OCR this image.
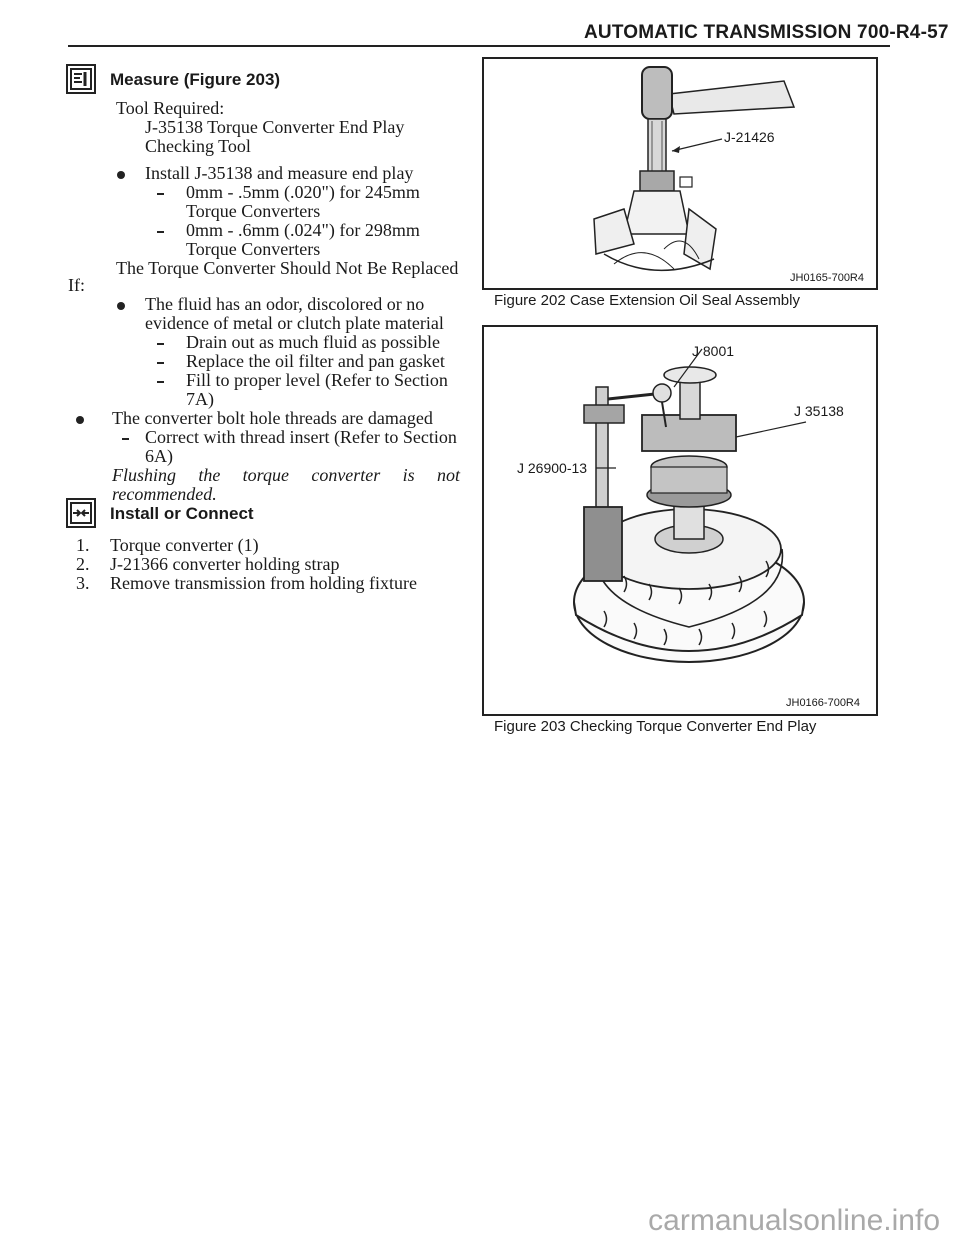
AUTOMATIC TRANSMISSION 700-R4-57
Measure (Figure 203)
Tool Required:
J-35138 Torque Converter End Play
Checking Tool
Install J-35138 and measure end play
0mm - .5mm (.020") for 245mm
Torque Converters
0mm - .6mm (.024") for 298mm
Torque Converters
The Torque Converter Should Not Be Replaced
If:
The fluid has an odor, discolored or no
evidence of metal or clutch plate material
Drain out as much fluid as possible
Replace the oil filter and pan gasket
Fill to proper level (Refer to Section
7A)
The converter bolt hole threads are damaged
Correct with thread insert (Refer to Section
6A)
Flushing the torque converter is not
recommended.
Install or Connect
1. Torque converter (1)
2. J-21366 converter holding strap
3. Remove transmission from holding fixture
J-21426
JH0165-700R4
Figure 202 Case Extension Oil Seal Assembly
J 8001
J 35138
J 26900-13
JH0166-700R4
Figure 203 Checking Torque Converter End Play
carmanualsonline.info
